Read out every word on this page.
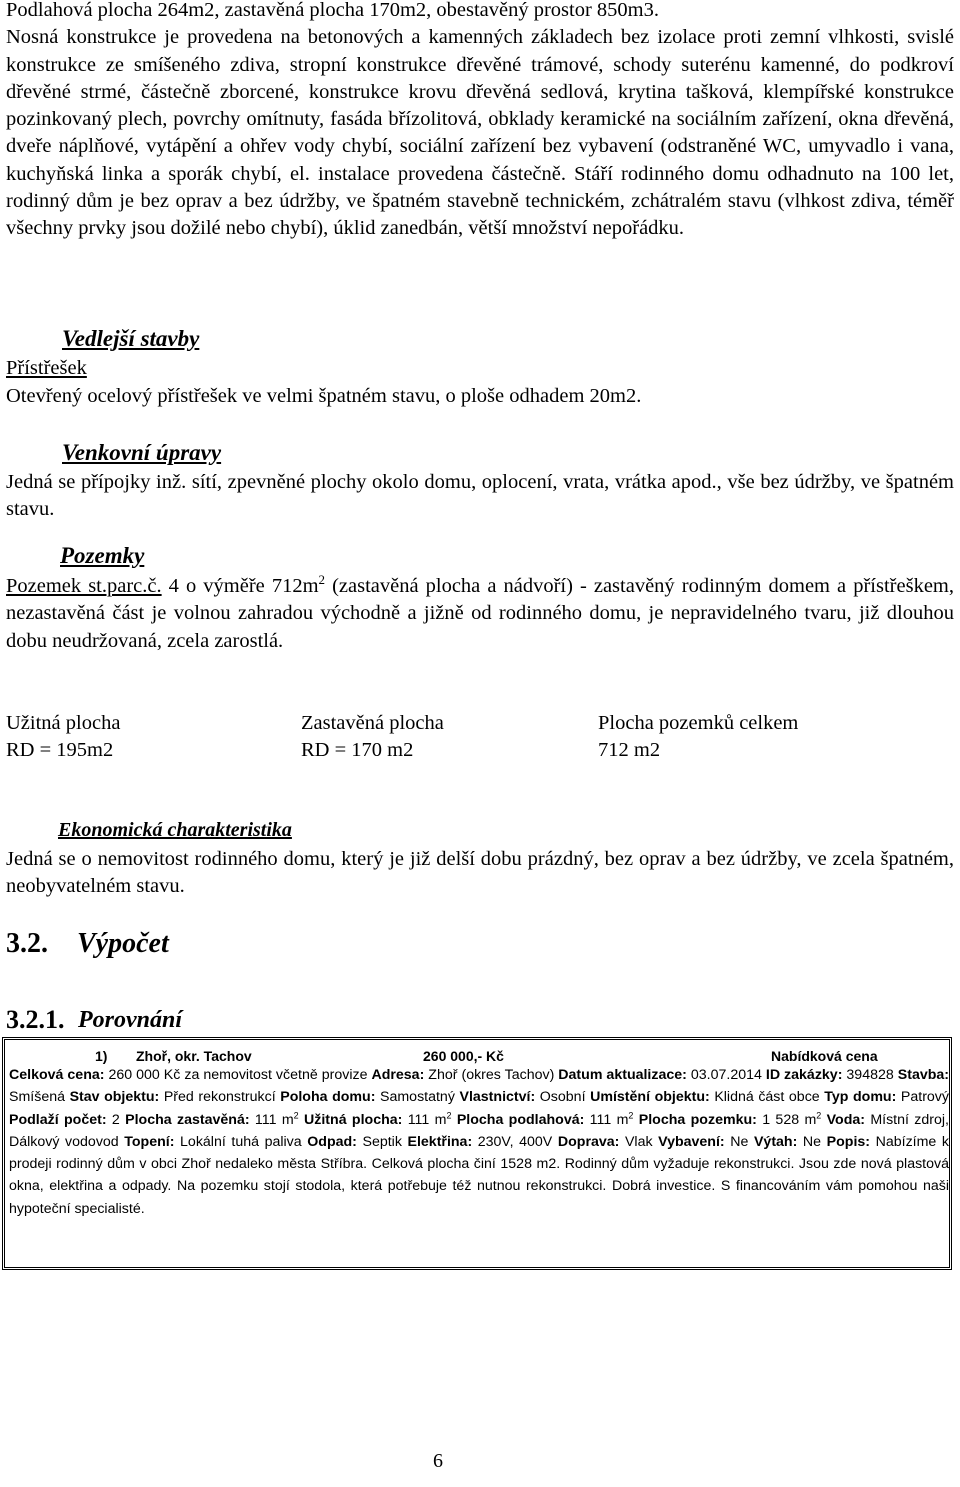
Podlahová plocha 264m2, zastavěná plocha 170m2, obestavěný prostor 850m3.

Nosná konstrukce je provedena na betonových a kamenných základech bez izolace proti zemní vlhkosti, svislé konstrukce ze smíšeného zdiva, stropní konstrukce dřevěné trámové, schody suterénu kamenné, do podkroví dřevěné strmé, částečně zborcené, konstrukce krovu dřevěná sedlová, krytina tašková, klempířské konstrukce pozinkovaný plech, povrchy omítnuty, fasáda břízolitová, obklady keramické na sociálním zařízení, okna dřevěná, dveře náplňové, vytápění a ohřev vody chybí, sociální zařízení bez vybavení (odstraněné WC, umyvadlo i vana, kuchyňská linka a sporák chybí, el. instalace provedena částečně. Stáří rodinného domu odhadnuto na 100 let, rodinný dům je bez oprav a bez údržby, ve špatném stavebně technickém, zchátralém stavu (vlhkost zdiva, téměř všechny prvky jsou dožilé nebo chybí), úklid zanedbán, větší množství nepořádku.

Vedlejší stavby
Přístřešek
Otevřený ocelový přístřešek ve velmi špatném stavu, o ploše odhadem 20m2.
Venkovní úpravy
Jedná se přípojky inž. sítí, zpevněné plochy okolo domu, oplocení, vrata, vrátka apod., vše bez údržby, ve špatném stavu.
Pozemky
Pozemek st.parc.č. 4 o výměře $712m^2$ (zastavěná plocha a nádvoří) - zastavěný rodinným domem a přístřeškem, nezastavěná část je volnou zahradou východně a jižně od rodinného domu, je nepravidelného tvaru, již dlouhou dobu neudržovaná, zcela zarostlá.
Užitná plocha
RD = 195m2
Zastavěná plocha
RD = 170 m2
Plocha pozemků celkem
712 m2
Ekonomická charakteristika
Jedná se o nemovitost rodinného domu, který je již delší dobu prázdný, bez oprav a bez údržby, ve zcela špatném, neobyvatelném stavu.
3.2. Výpočet
3.2.1. Porovnání
1) Zhoř, okr. Tachov	260 000,- Kč	Nabídková cena
Celková cena: 260 000 Kč za nemovitost včetně provize Adresa: Zhoř (okres Tachov) Datum aktualizace: 03.07.2014 ID zakázky: 394828 Stavba: Smíšená Stav objektu: Před rekonstrukcí Poloha domu: Samostatný Vlastnictví: Osobní Umístění objektu: Klidná část obce Typ domu: Patrový Podlaží počet: 2 Plocha zastavěná: 111 $m^2$ Užitná plocha: 111 $m^2$ Plocha podlahová: 111 $m^2$ Plocha pozemku: 1 528 $m^2$ Voda: Místní zdroj, Dálkový vodovod Topení: Lokální tuhá paliva Odpad: Septik Elektřina: 230V, 400V Doprava: Vlak Vybavení: Ne Výtah: Ne Popis: Nabízíme k prodeji rodinný dům v obci Zhoř nedaleko města Stříbra. Celková plocha činí 1528 m2. Rodinný dům vyžaduje rekonstrukci. Jsou zde nová plastová okna, elektřina a odpady. Na pozemku stojí stodola, která potřebuje též nutnou rekonstrukci. Dobrá investice. S financováním vám pomohou naši hypoteční specialisté.
6
